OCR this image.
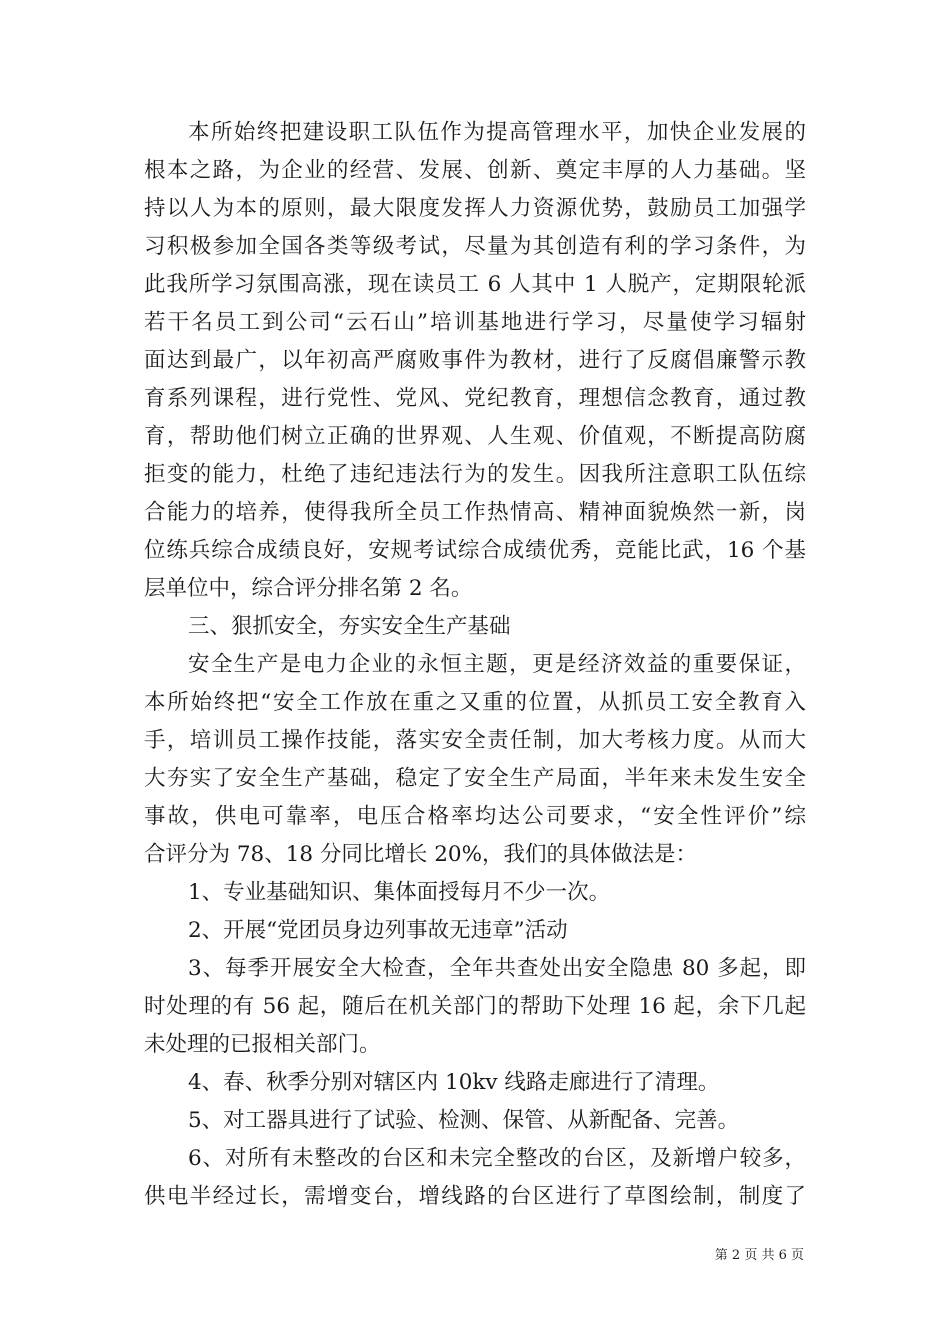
本所始终把建设职工队伍作为提高管理水平，加快企业发展的
根本之路，为企业的经营、发展、创新、奠定丰厚的人力基础。坚
持以人为本的原则，最大限度发挥人力资源优势，鼓励员工加强学
习积极参加全国各类等级考试，尽量为其创造有利的学习条件，为
此我所学习氛围高涨，现在读员工 6 人其中 1 人脱产，定期限轮派
若干名员工到公司“云石山”培训基地进行学习，尽量使学习辐射
面达到最广，以年初高严腐败事件为教材，进行了反腐倡廉警示教
育系列课程，进行党性、党风、党纪教育，理想信念教育，通过教
育，帮助他们树立正确的世界观、人生观、价值观，不断提高防腐
拒变的能力，杜绝了违纪违法行为的发生。因我所注意职工队伍综
合能力的培养，使得我所全员工作热情高、精神面貌焕然一新，岗
位练兵综合成绩良好，安规考试综合成绩优秀，竞能比武，16 个基
层单位中，综合评分排名第 2 名。
三、狠抓安全，夯实安全生产基础
安全生产是电力企业的永恒主题，更是经济效益的重要保证，
本所始终把“安全工作放在重之又重的位置，从抓员工安全教育入
手，培训员工操作技能，落实安全责任制，加大考核力度。从而大
大夯实了安全生产基础，稳定了安全生产局面，半年来未发生安全
事故，供电可靠率，电压合格率均达公司要求，“安全性评价”综
合评分为 78、18 分同比增长 20%，我们的具体做法是：
1、专业基础知识、集体面授每月不少一次。
2、开展“党团员身边列事故无违章”活动
3、每季开展安全大检查，全年共查处出安全隐患 80 多起，即
时处理的有 56 起，随后在机关部门的帮助下处理 16 起，余下几起
未处理的已报相关部门。
4、春、秋季分别对辖区内 10kv 线路走廊进行了清理。
5、对工器具进行了试验、检测、保管、从新配备、完善。
6、对所有未整改的台区和未完全整改的台区，及新增户较多，
供电半经过长，需增变台，增线路的台区进行了草图绘制，制度了
第 2 页 共 6 页
